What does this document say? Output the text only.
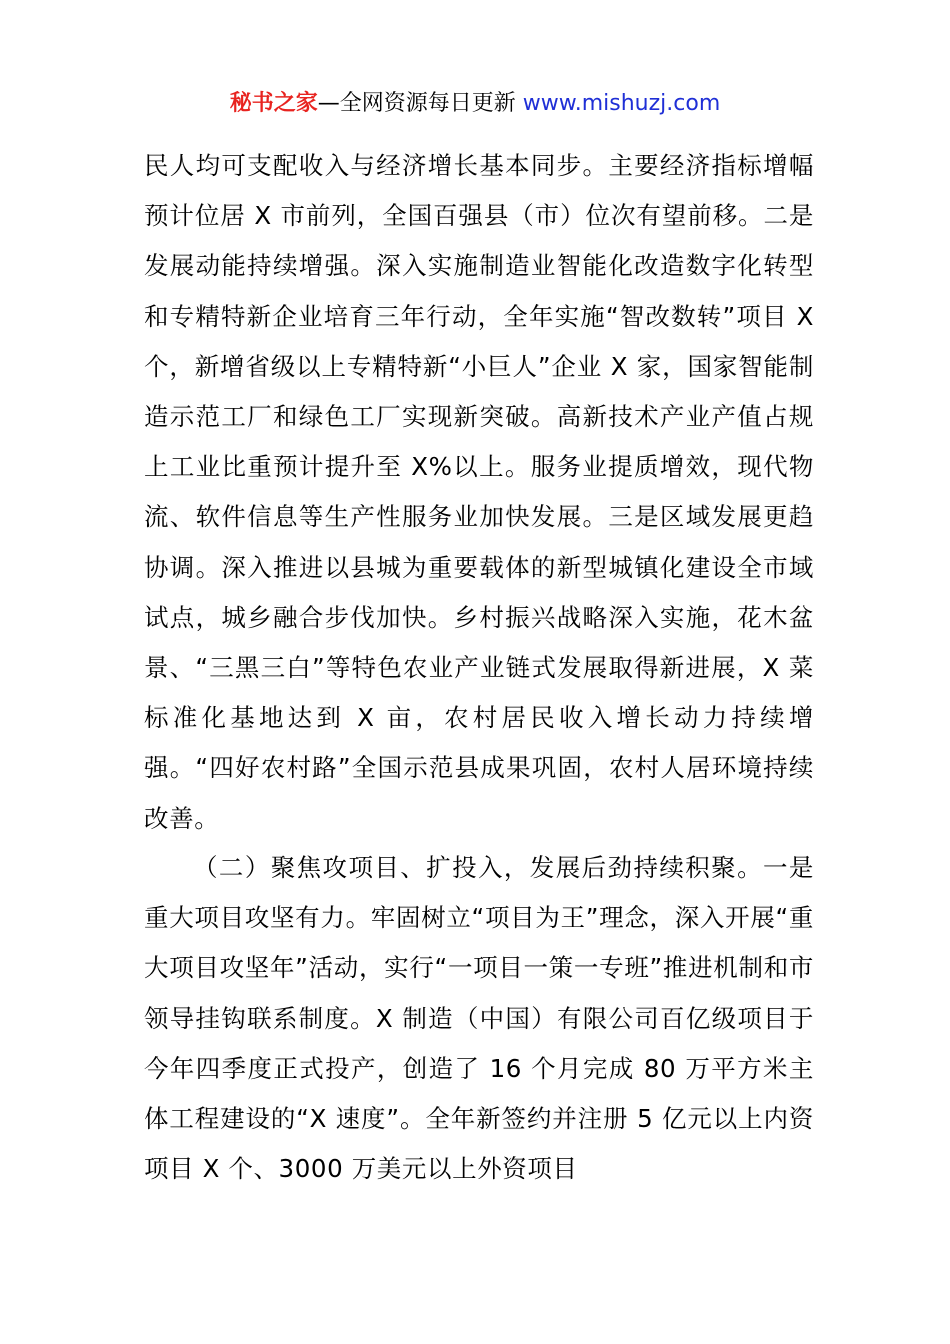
秘书之家—全网资源每日更新 www.mishuzj.com
民人均可支配收入与经济增长基本同步。主要经济指标增幅预计位居 X 市前列，全国百强县（市）位次有望前移。二是发展动能持续增强。深入实施制造业智能化改造数字化转型和专精特新企业培育三年行动，全年实施“智改数转”项目 X 个，新增省级以上专精特新“小巨人”企业 X 家，国家智能制造示范工厂和绿色工厂实现新突破。高新技术产业产值占规上工业比重预计提升至 X%以上。服务业提质增效，现代物流、软件信息等生产性服务业加快发展。三是区域发展更趋协调。深入推进以县城为重要载体的新型城镇化建设全市域试点，城乡融合步伐加快。乡村振兴战略深入实施，花木盆景、“三黑三白”等特色农业产业链式发展取得新进展，X 菜标准化基地达到 X 亩，农村居民收入增长动力持续增强。“四好农村路”全国示范县成果巩固，农村人居环境持续改善。
（二）聚焦攻项目、扩投入，发展后劲持续积聚。一是重大项目攻坚有力。牢固树立“项目为王”理念，深入开展“重大项目攻坚年”活动，实行“一项目一策一专班”推进机制和市领导挂钩联系制度。X 制造（中国）有限公司百亿级项目于今年四季度正式投产，创造了 16 个月完成 80 万平方米主体工程建设的“X 速度”。全年新签约并注册 5 亿元以上内资项目 X 个、3000 万美元以上外资项目
